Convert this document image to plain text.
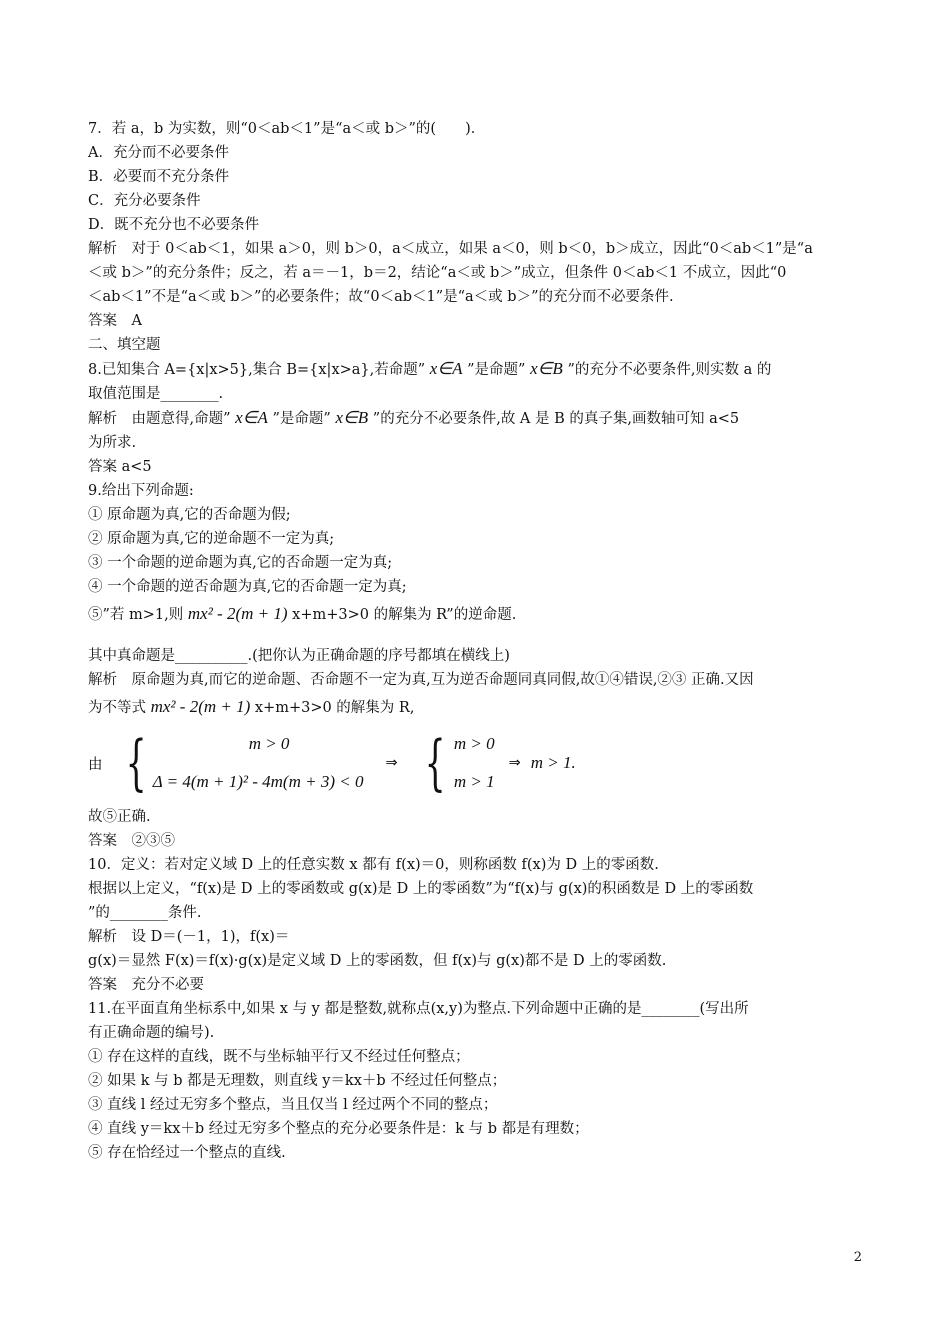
7．若 a，b 为实数，则“0＜ab＜1”是“a＜或 b＞”的(　　)．
A．充分而不必要条件
B．必要而不充分条件
C．充分必要条件
D．既不充分也不必要条件
解析　对于 0＜ab＜1，如果 a＞0，则 b＞0，a＜成立，如果 a＜0，则 b＜0，b＞成立，因此“0＜ab＜1”是“a
＜或 b＞”的充分条件；反之，若 a＝－1，b＝2，结论“a＜或 b＞”成立，但条件 0＜ab＜1 不成立，因此“0
＜ab＜1”不是“a＜或 b＞”的必要条件；故“0＜ab＜1”是“a＜或 b＞”的充分而不必要条件.
答案　A
二、填空题
8.已知集合 A={x|x>5},集合 B={x|x>a},若命题” x∈A ”是命题” x∈B ”的充分不必要条件,则实数 a 的
取值范围是________.
解析　由题意得,命题” x∈A ”是命题” x∈B ”的充分不必要条件,故 A 是 B 的真子集,画数轴可知 a<5
为所求.
答案 a<5
9.给出下列命题:
① 原命题为真,它的否命题为假;
② 原命题为真,它的逆命题不一定为真;
③ 一个命题的逆命题为真,它的否命题一定为真;
④ 一个命题的逆否命题为真,它的否命题一定为真;
⑤”若 m>1,则 mx² - 2(m + 1) x+m+3>0 的解集为 R”的逆命题.
其中真命题是__________.(把你认为正确命题的序号都填在横线上)
解析　原命题为真,而它的逆命题、否命题不一定为真,互为逆否命题同真同假,故①④错误,②③ 正确.又因
为不等式 mx² - 2(m + 1) x+m+3>0 的解集为 R,
由 {	m > 0
Δ = 4(m + 1)² - 4m(m + 3) < 0
⇒ { m > 0
m > 1
⇒ m > 1 .
故⑤正确.
答案　②③⑤
10．定义：若对定义域 D 上的任意实数 x 都有 f(x)＝0，则称函数 f(x)为 D 上的零函数.
根据以上定义，“f(x)是 D 上的零函数或 g(x)是 D 上的零函数”为“f(x)与 g(x)的积函数是 D 上的零函数
”的________条件.
解析　设 D＝(－1，1)，f(x)＝
g(x)＝显然 F(x)＝f(x)·g(x)是定义域 D 上的零函数，但 f(x)与 g(x)都不是 D 上的零函数.
答案　充分不必要
11.在平面直角坐标系中,如果 x 与 y 都是整数,就称点(x,y)为整点.下列命题中正确的是________(写出所
有正确命题的编号).
① 存在这样的直线，既不与坐标轴平行又不经过任何整点；
② 如果 k 与 b 都是无理数，则直线 y＝kx＋b 不经过任何整点；
③ 直线 l 经过无穷多个整点，当且仅当 l 经过两个不同的整点；
④ 直线 y＝kx＋b 经过无穷多个整点的充分必要条件是：k 与 b 都是有理数；
⑤ 存在恰经过一个整点的直线.
2
